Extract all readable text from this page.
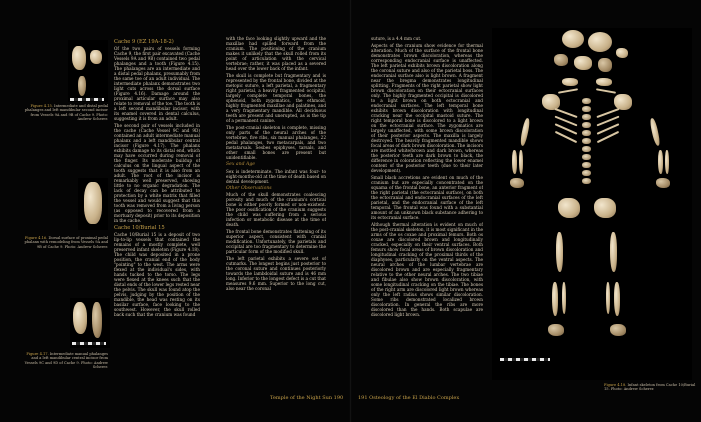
Figure 4.15. Intermediate and distal pedal phalanges and left mandibular second incisor from Vessels 9A and 9B of Cache 9. Photo: Andrew Scherer.
Figure 4.16. Dorsal surface of proximal pedal phalanx with remodeling from Vessels 9A and 9B of Cache 9. Photo: Andrew Scherer.
Figure 4.17. Intermediate manual phalanges and a left mandibular central incisor from Vessels 9C and 9D of Cache 9. Photo: Andrew Scherer.
Cache 9 (EZ 19A-18-2)

Of the two pairs of vessels forming Cache 9, the first pair excavated (Cache Vessels 9A and 9B) contained two pedal phalanges and a tooth (Figure 4.15). The phalanges are an intermediate and a distal pedal phalanx, presumably from the same toe of an adult individual. The intermediate phalanx demonstrates two light cuts across the dorsal surface (Figure 4.16). Damage around the proximal articular surface may also relate to removal of the toe. The tooth is a left second mandibular incisor, with its enamel covered in dental calculus, suggesting it is from an adult.

The second pair of vessels included in the cache (Cache Vessel 9C and 9D) contained an adult intermediate manual phalanx and a left mandibular central incisor (Figure 4.17). The phalanx exhibits damage to its distal end, which may have occurred during removal of the finger. Its moderate buildup of calculus on the lingual aspect of the tooth suggests that it is also from an adult. The root of the incisor is remarkably well preserved, showing little to no organic degradation. The lack of decay can be attributed to protection by a white matrix that filled the vessel and would suggest that this tooth was removed from a living person (as opposed to recovered from a mortuary deposit) prior to its deposition in the cache.

Cache 10/Burial 15

Cache 10/Burial 15 is a deposit of two lip-to-lip vessels that contained the remains of a mostly complete, well preserved infant skeleton (Figure 4.18). The child was deposited in a prone position, the cranial end of the body "pointing" to the west. The arms were flexed at the individual's sides, with hands tucked to the torso. The legs were flexed at the knees such that the distal ends of the lower legs rested near the pelvis. The skull was found atop the pelvis, judging by the position of the mandible, the head was resting on its basilar surface, face looking to the southwest. However, the skull rolled back such that the cranium was found

with the face looking slightly upward and the maxillae had spilled forward from the cranium. The positioning of the cranium makes it unlikely that the skull rolled from its point of articulation with the cervical vertebrae; rather, it was placed as a severed head over the lower back of the infant.

The skull is complete but fragmentary and is represented by the frontal bone, divided at the metopic suture, a left parietal, a fragmentary right parietal, a heavily fragmented occipital, largely complete temporal bones, the sphenoid, both zygomatics, the ethmoid, highly fragmented maxillae and palatines, and a very fragmentary mandible. All deciduous teeth are present and unerupted, as is the tip of a permanent canine.

The post-cranial skeleton is complete, missing only parts of the neural arches of the vertebrae, five ribs, six manual phalanges, 22 pedal phalanges, two metacarpals, and two metatarsals. Sesbes epiphyses, tarsals, and other small bones are present but unidentifiable.

Sex and Age

Sex is indeterminate. The infant was four- to eight-months-old at the time of death based on dental development.

Other Observations

Much of the skull demonstrates coalescing porosity and much of the cranium's cortical bone is either poorly formed or non-existent. The poor ossification of the cranium suggests the child was suffering from a serious infection or metabolic disease at the time of death.

The frontal bone demonstrates flattening of its superior aspect, consistent with cranial modification. Unfortunately, the parietals and occipital are too fragmentary to determine the particular form of the modified skull.

The left parietal exhibits a severe set of cutmarks. The longest begins just posterior to the coronal suture and continues posteriorly towards the lambdoidal suture and is 46 mm long. Inferior to the longest defect is a cut that measures 9.6 mm. Superior to the long cut, also near the coronal

Temple of the Night Sun 190

suture, is a 4.4 mm cut.

Aspects of the cranium show evidence for thermal alteration. Much of the surface of the frontal bone demonstrates brown discoloration, whereas the corresponding endocranial surface is unaffected. The left parietal exhibits brown discoloration along the coronal suture and also of the parietal boss. The endocranial surface also is light brown. A fragment near the bregma demonstrates longitudinal splitting. Fragments of the right parietal show light brown discoloration on their ectocranial surfaces only. The highly fragmented occipital is discolored to a light brown on both ectocranial and endocranial surfaces. The left temporal bone exhibits brown discoloration with longitudinal cracking near the occipital mastoid suture. The right temporal bone is discolored to a light brown on the ectocranial surface. The zygomatics are largely unaffected, with some brown discoloration of their posterior aspects. The maxilla is largely destroyed. The heavily fragmented mandible shows focal areas of dark brown discoloration. The incisors are mottled white/brown and dark brown, whereas the posterior teeth are dark brown to black, the difference in coloration reflecting the lower enamel content of the posterior teeth (due to their later development).

Small black accretions are evident on much of the cranium but are especially concentrated on the squama of the frontal bone, an anterior fragment of the right parietal (the ectocranial surface), on both the ectocranial and endocranial surfaces of the left parietal, and the endocranial surface of the left temporal. The frontal was found with a substantial amount of an unknown black substance adhering to its ectocranial surface.

Although thermal alteration is evident on much of the post-cranial skeleton, it is most significant in the arms of the os coxae and proximal femurs. Both os coxae are discolored brown and longitudinally cracked, especially on their ventral surfaces. Both femurs show focal areas of brown discoloration and longitudinal cracking of the proximal thirds of the diaphyses, particularly on the ventral aspects. The neural arches of the lumbar vertebrae are discolored brown and are especially fragmentary relative to the other neural arches. The two tibiae and fibulae also show brown discoloration, with some longitudinal cracking on the tibiae. The bones of the right arm are discolored light brown whereas only the left radius shows similar discoloration. Some ribs demonstrated localized brown discoloration. In general the ribs are more discolored than the hands. Both scapulae are discolored light brown.

191 Osteology of the El Diablo Complex
Figure 4.18. Infant skeleton from Cache 10/Burial 15. Photo: Andrew Scherer.
